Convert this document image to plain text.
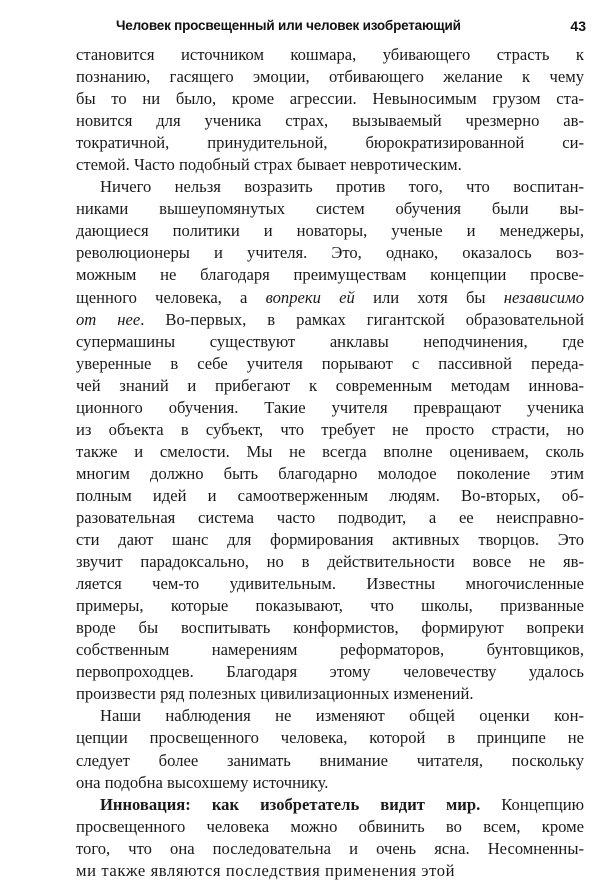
Человек просвещенный или человек изобретающий	43
становится источником кошмара, убивающего страсть к
познанию, гасящего эмоции, отбивающего желание к чему
бы то ни было, кроме агрессии. Невыносимым грузом ста-
новится для ученика страх, вызываемый чрезмерно ав-
тократичной, принудительной, бюрократизированной си-
стемой. Часто подобный страх бывает невротическим.
Ничего нельзя возразить против того, что воспитан-
никами вышеупомянутых систем обучения были вы-
дающиеся политики и новаторы, ученые и менеджеры,
революционеры и учителя. Это, однако, оказалось воз-
можным не благодаря преимуществам концепции просве-
щенного человека, а вопреки ей или хотя бы независимо
от нее. Во-первых, в рамках гигантской образовательной
супермашины существуют анклавы неподчинения, где
уверенные в себе учителя порывают с пассивной переда-
чей знаний и прибегают к современным методам иннова-
ционного обучения. Такие учителя превращают ученика
из объекта в субъект, что требует не просто страсти, но
также и смелости. Мы не всегда вполне оцениваем, сколь
многим должно быть благодарно молодое поколение этим
полным идей и самоотверженным людям. Во-вторых, об-
разовательная система часто подводит, а ее неисправно-
сти дают шанс для формирования активных творцов. Это
звучит парадоксально, но в действительности вовсе не яв-
ляется чем-то удивительным. Известны многочисленные
примеры, которые показывают, что школы, призванные
вроде бы воспитывать конформистов, формируют вопреки
собственным намерениям реформаторов, бунтовщиков,
первопроходцев. Благодаря этому человечеству удалось
произвести ряд полезных цивилизационных изменений.
Наши наблюдения не изменяют общей оценки кон-
цепции просвещенного человека, которой в принципе не
следует более занимать внимание читателя, поскольку
она подобна высохшему источнику.
Инновация: как изобретатель видит мир. Концепцию
просвещенного человека можно обвинить во всем, кроме
того, что она последовательна и очень ясна. Несомненны-
ми также являются последствия применения этой
